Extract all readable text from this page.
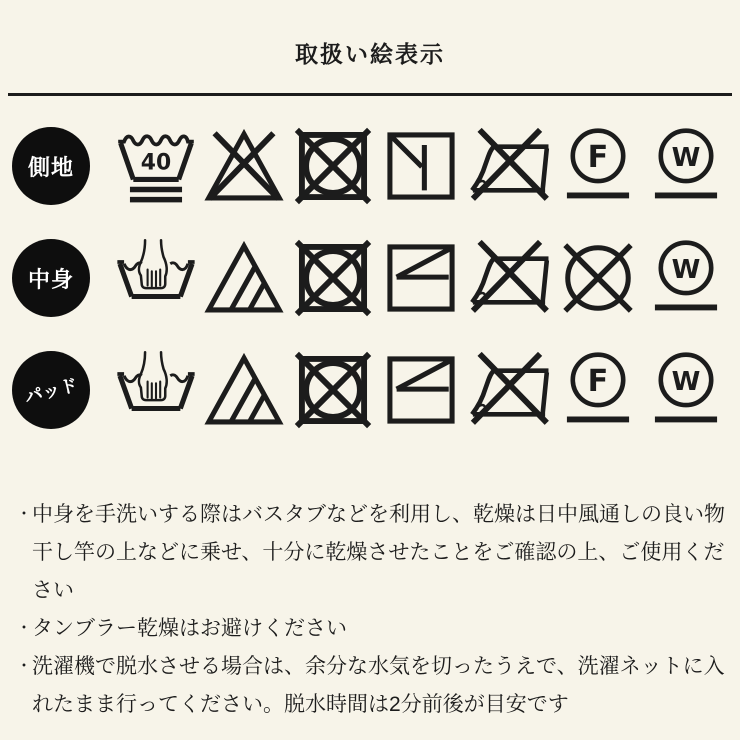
取扱い絵表示
側地
中身
パッド
・ 中身を手洗いする際はバスタブなどを利用し、乾燥は日中風通しの良い物干し竿の上などに乗せ、十分に乾燥させたことをご確認の上、ご使用ください
・ タンブラー乾燥はお避けください
・ 洗濯機で脱水させる場合は、余分な水気を切ったうえで、洗濯ネットに入れたまま行ってください。脱水時間は2分前後が目安です
